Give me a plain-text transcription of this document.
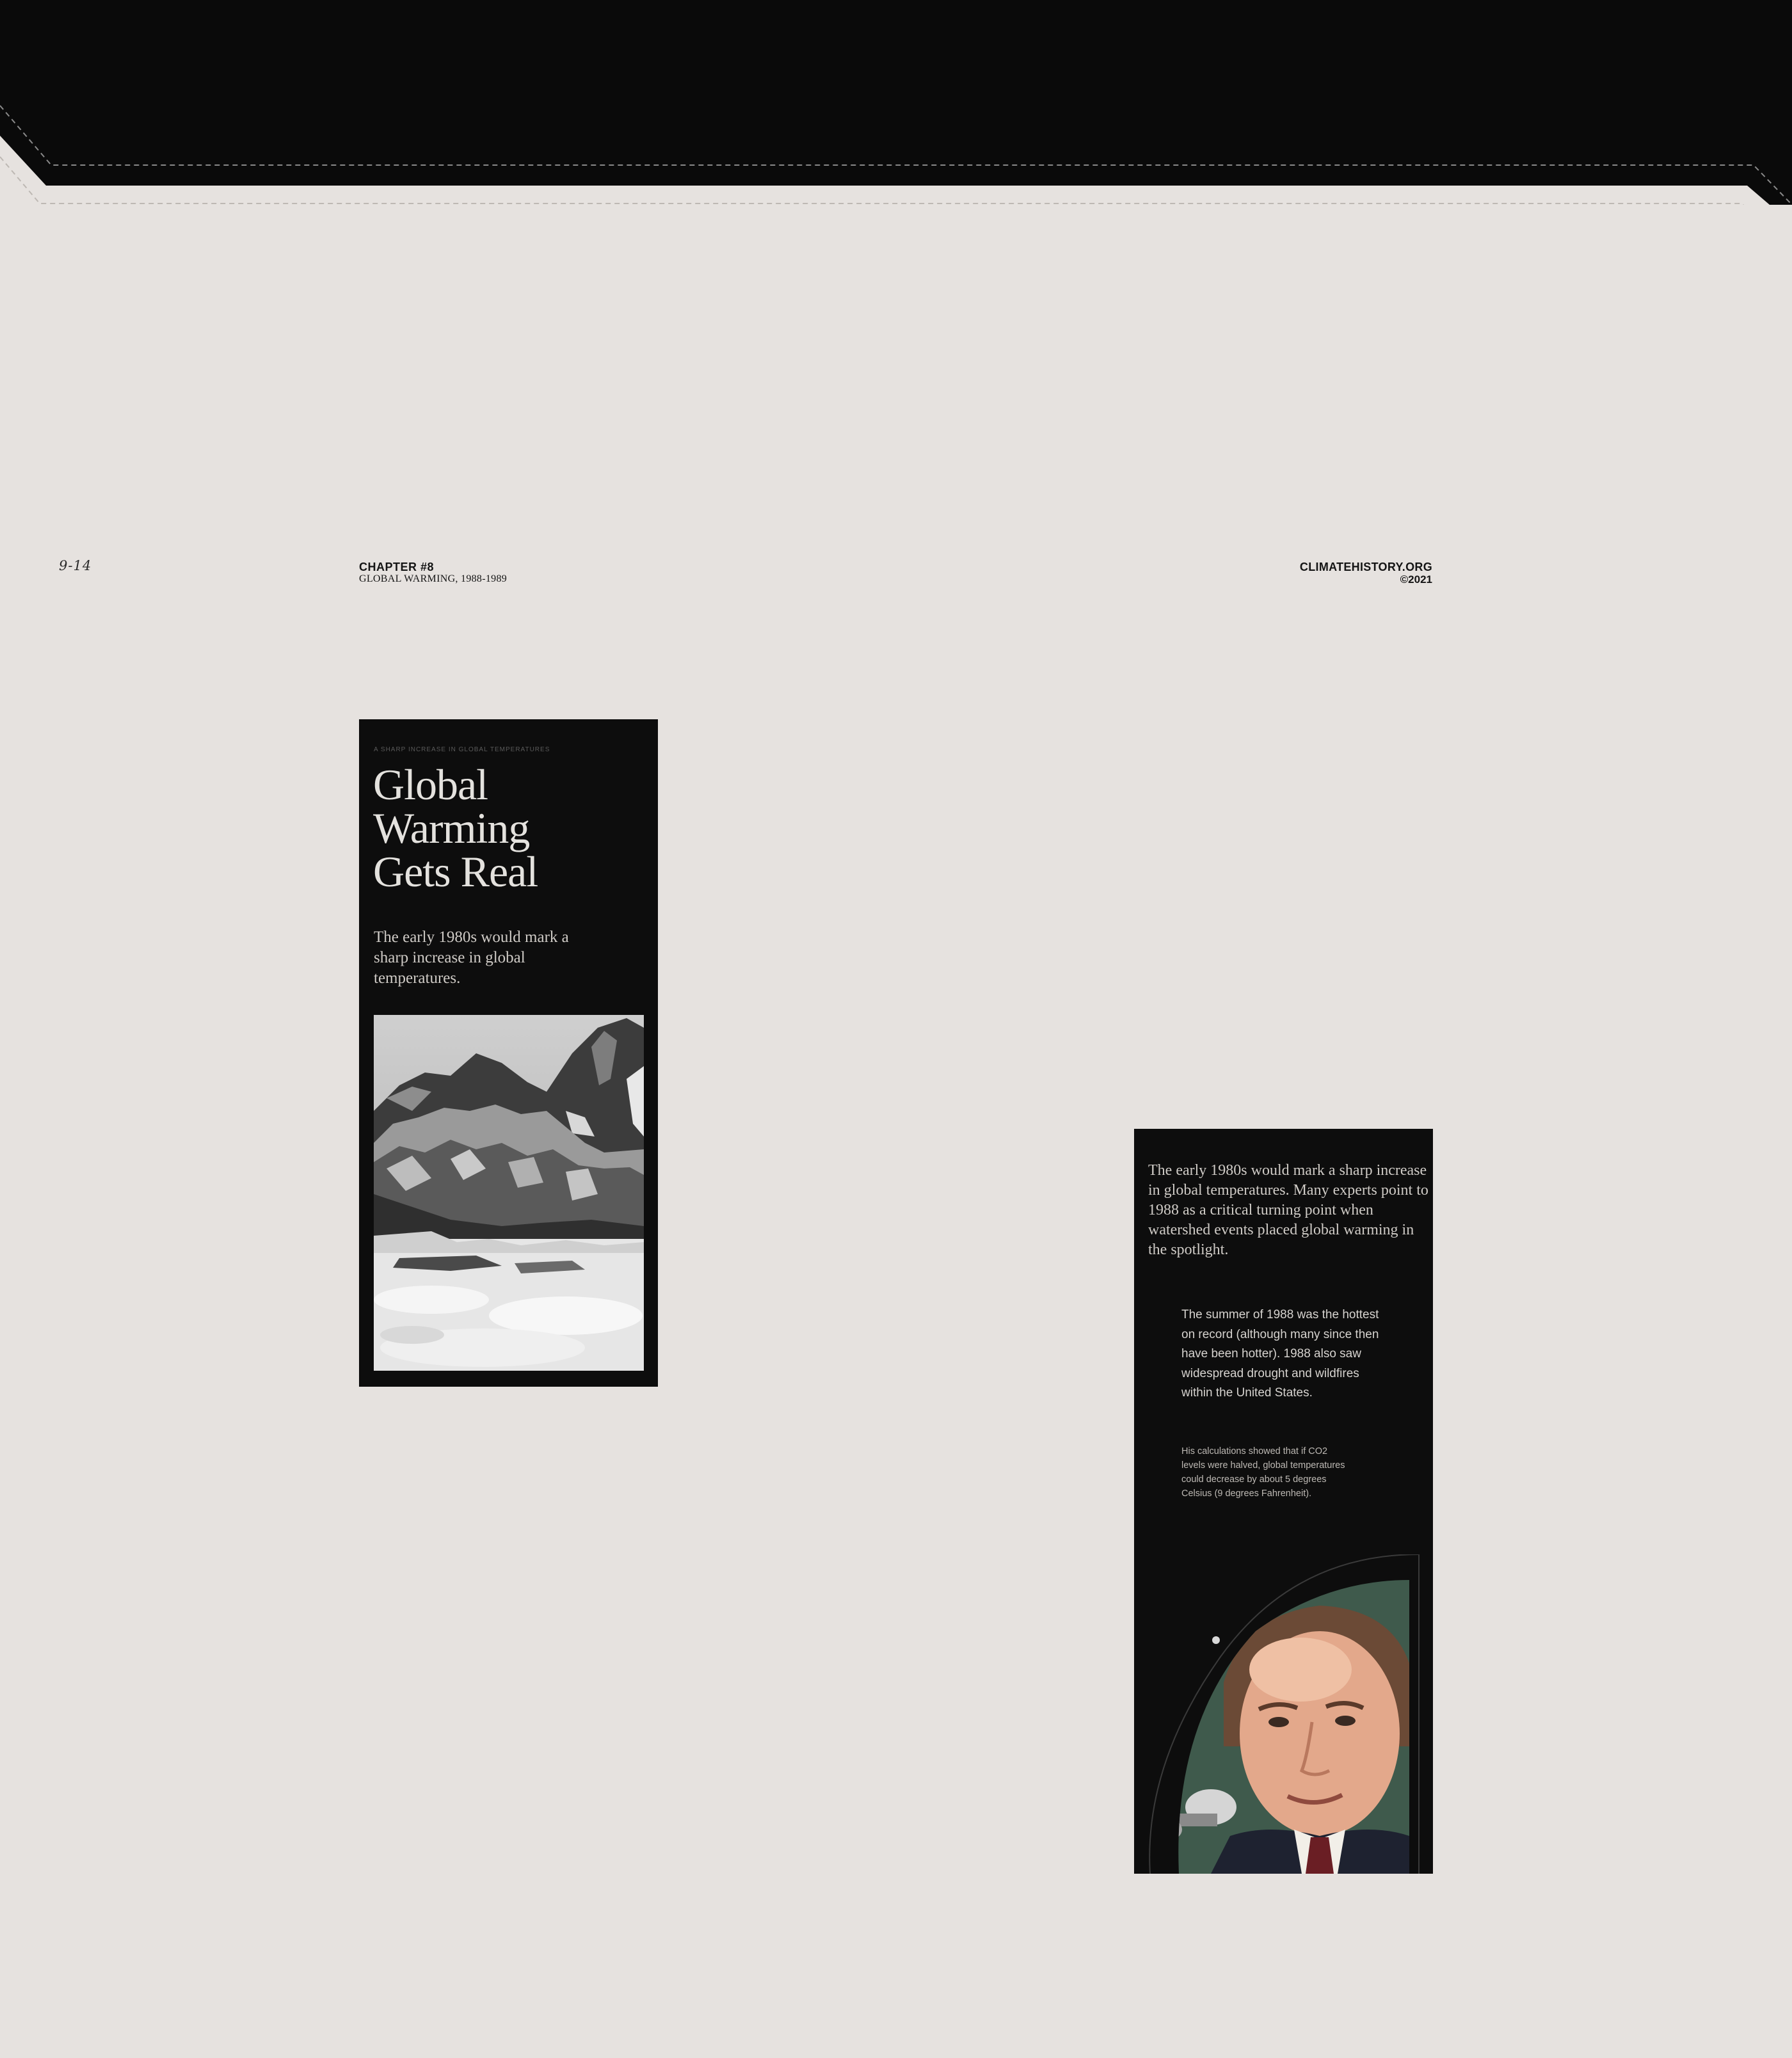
9-14	CHAPTER #8
GLOBAL WARMING, 1988-1989
CLIMATEHISTORY.ORG
©2021
A SHARP INCREASE IN GLOBAL TEMPERATURES
Global
Warming
Gets Real
The early 1980s would mark a sharp increase in global temperatures.
The early 1980s would mark a sharp increase in global temperatures. Many experts point to 1988 as a critical turning point when watershed events placed global warming in the spotlight.
The summer of 1988 was the hottest on record (although many since then have been hotter). 1988 also saw widespread drought and wildfires within the United States.
His calculations showed that if CO2 levels were halved, global temperatures could decrease by about 5 degrees Celsius (9 degrees Fahrenheit).
